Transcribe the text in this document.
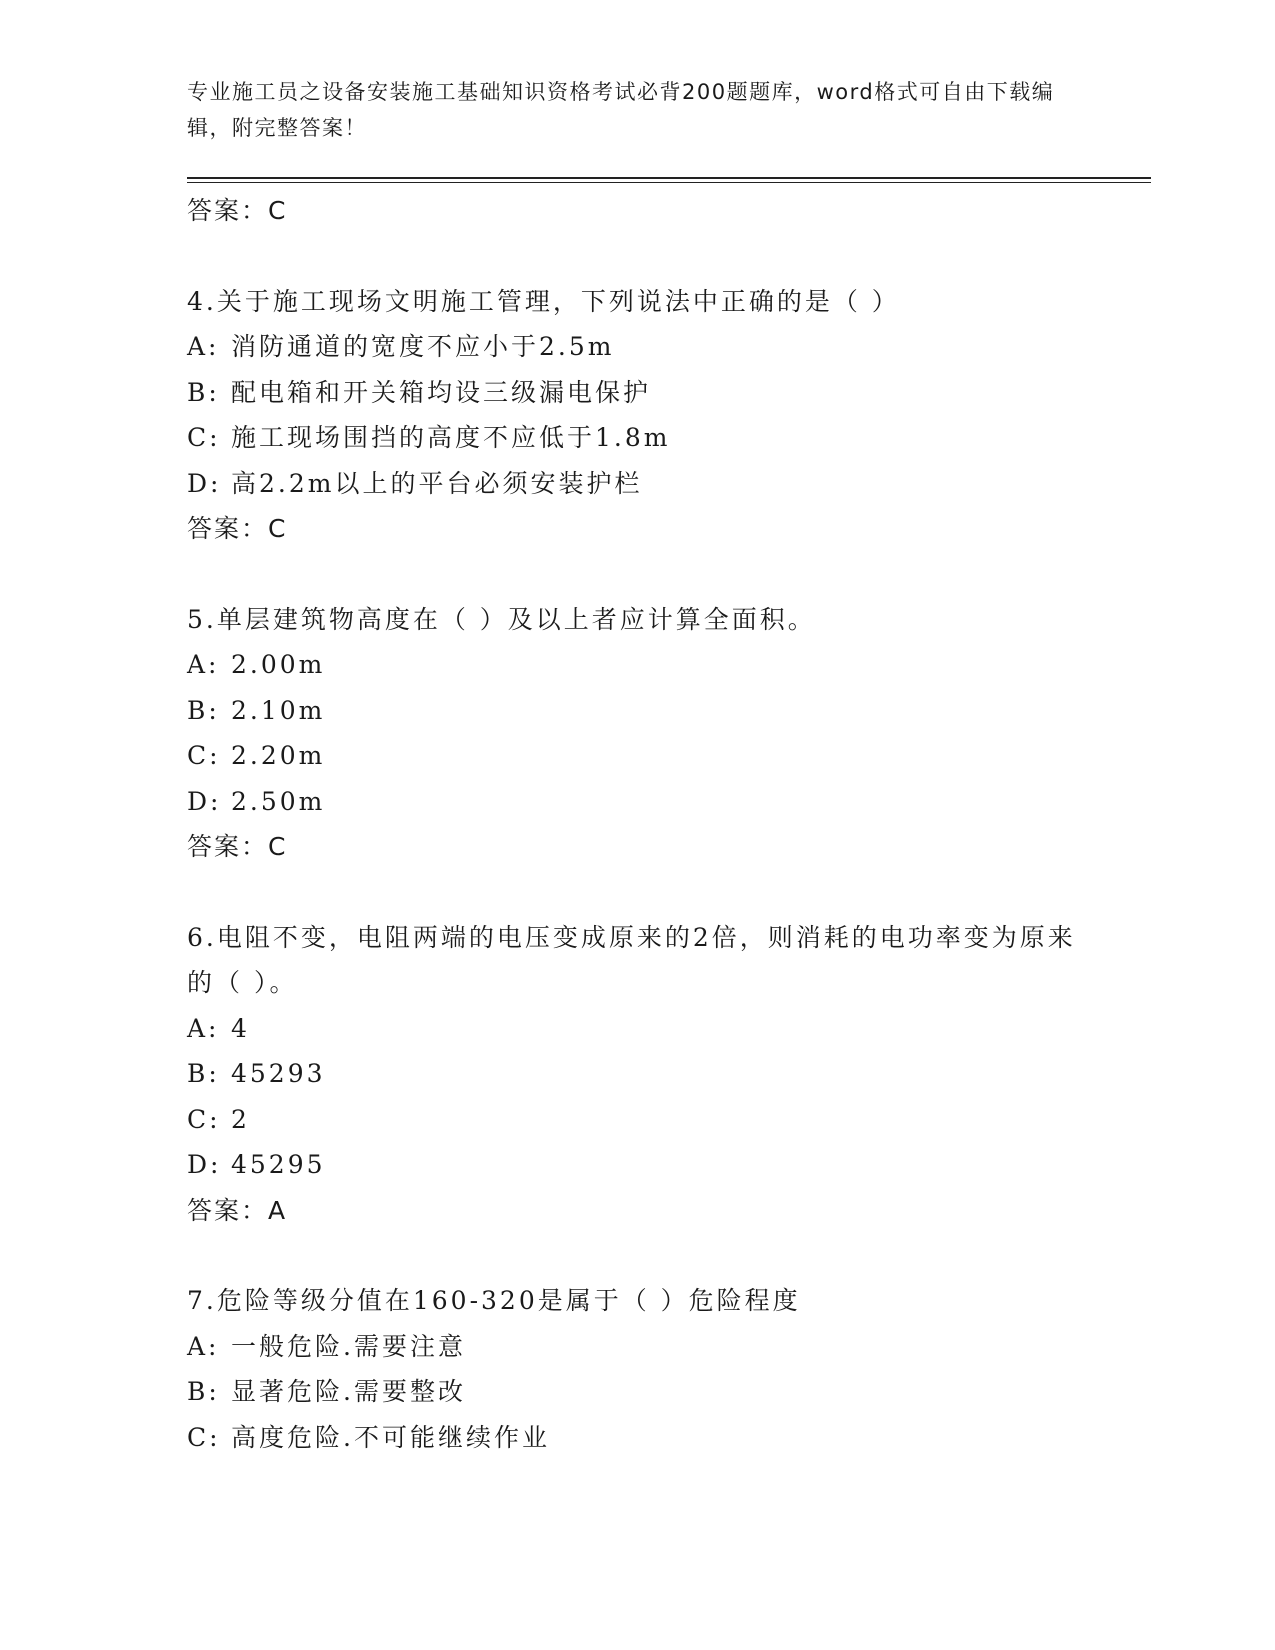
专业施工员之设备安装施工基础知识资格考试必背200题题库，word格式可自由下载编辑，附完整答案！
答案：C
4.关于施工现场文明施工管理，下列说法中正确的是（ ）
A: 消防通道的宽度不应小于2.5m
B: 配电箱和开关箱均设三级漏电保护
C: 施工现场围挡的高度不应低于1.8m
D: 高2.2m以上的平台必须安装护栏
答案：C
5.单层建筑物高度在（ ）及以上者应计算全面积。
A: 2.00m
B: 2.10m
C: 2.20m
D: 2.50m
答案：C
6.电阻不变，电阻两端的电压变成原来的2倍，则消耗的电功率变为原来的（ ）。
A: 4
B: 45293
C: 2
D: 45295
答案：A
7.危险等级分值在160-320是属于（ ）危险程度
A: 一般危险.需要注意
B: 显著危险.需要整改
C: 高度危险.不可能继续作业
